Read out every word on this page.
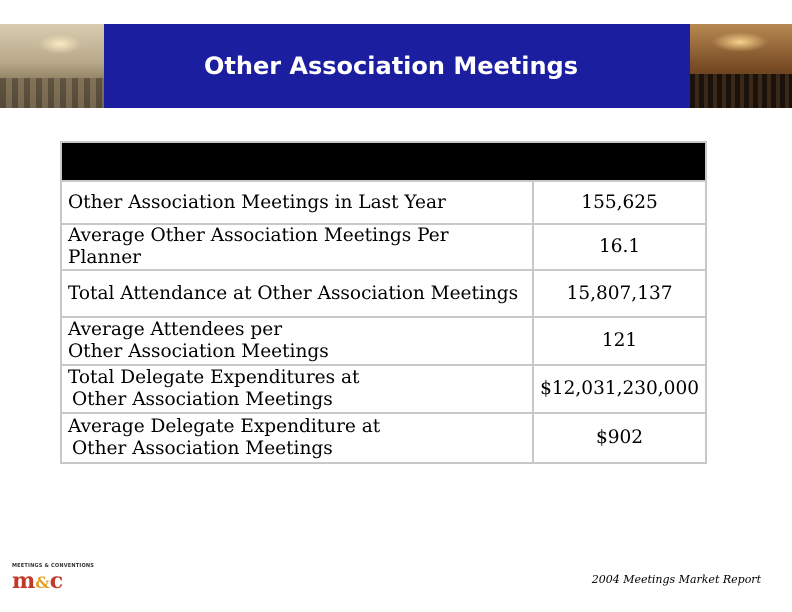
Other Association Meetings

Other Association Meetings in Last Year	155,625
Average Other Association Meetings Per Planner	16.1
Total Attendance at Other Association Meetings	15,807,137

Average Attendees per
Other Association Meetings	121

Total Delegate Expenditures at
Other Association Meetings	$12,031,230,000

Average Delegate Expenditure at
Other Association Meetings	$902
MEETINGS & CONVENTIONS
m&c	2004 Meetings Market Report
